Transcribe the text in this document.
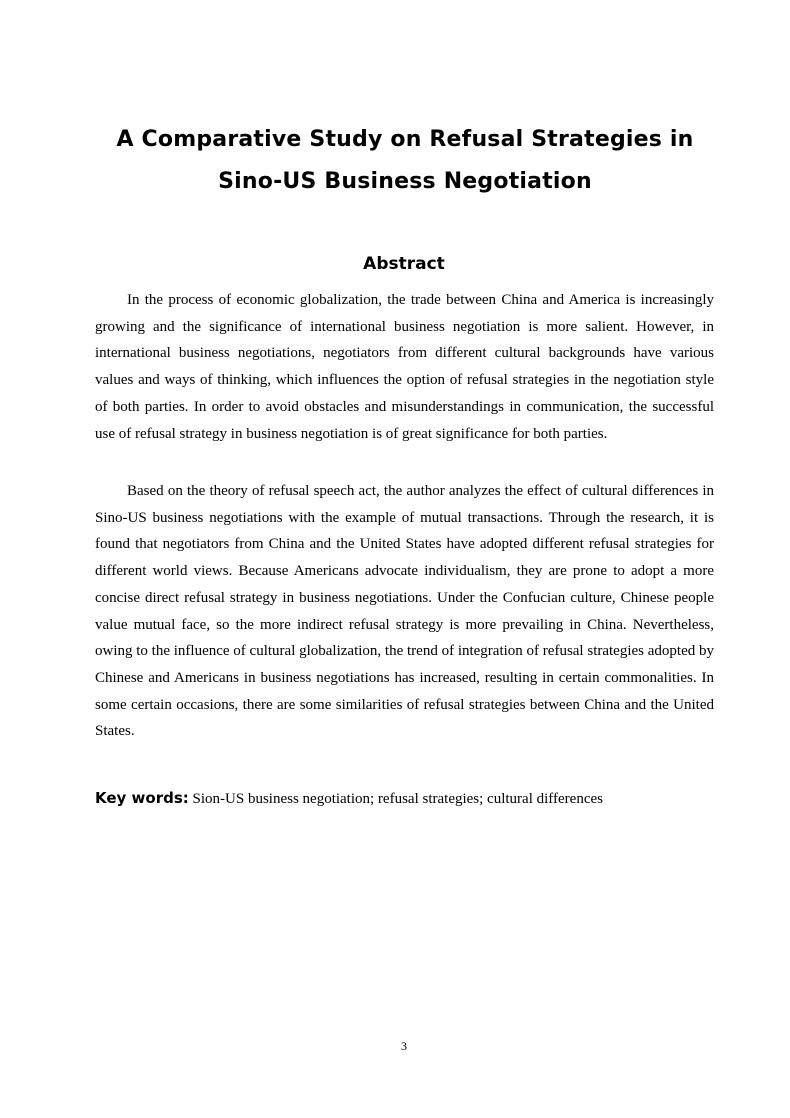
A Comparative Study on Refusal Strategies in
Sino-US Business Negotiation
Abstract

In the process of economic globalization, the trade between China and America is increasingly growing and the significance of international business negotiation is more salient. However, in international business negotiations, negotiators from different cultural backgrounds have various values and ways of thinking, which influences the option of refusal strategies in the negotiation style of both parties. In order to avoid obstacles and misunderstandings in communication, the successful use of refusal strategy in business negotiation is of great significance for both parties.

Based on the theory of refusal speech act, the author analyzes the effect of cultural differences in Sino-US business negotiations with the example of mutual transactions. Through the research, it is found that negotiators from China and the United States have adopted different refusal strategies for different world views. Because Americans advocate individualism, they are prone to adopt a more concise direct refusal strategy in business negotiations. Under the Confucian culture, Chinese people value mutual face, so the more indirect refusal strategy is more prevailing in China. Nevertheless, owing to the influence of cultural globalization, the trend of integration of refusal strategies adopted by Chinese and Americans in business negotiations has increased, resulting in certain commonalities. In some certain occasions, there are some similarities of refusal strategies between China and the United States.

Key words: Sion-US business negotiation; refusal strategies; cultural differences
3
